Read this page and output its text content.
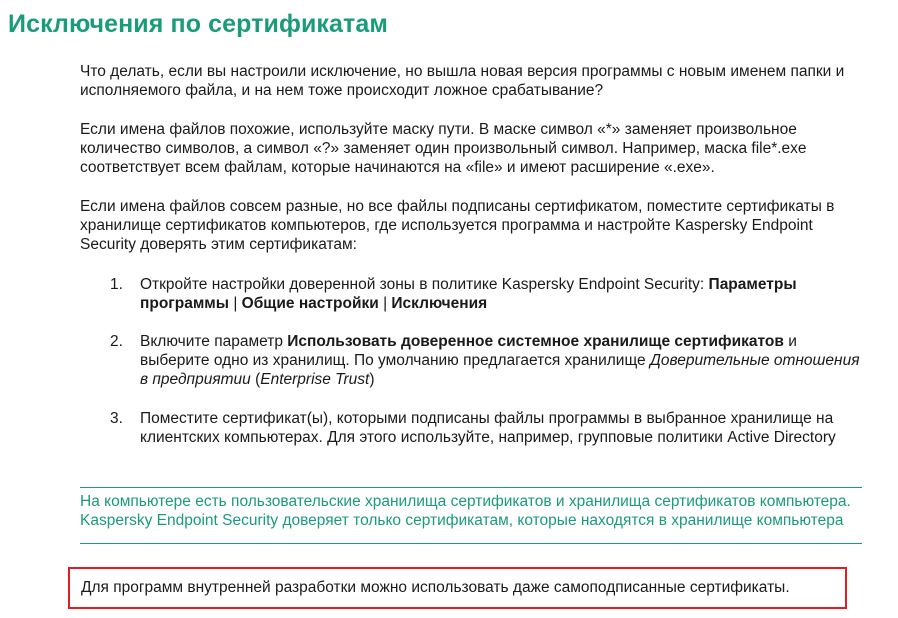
Исключения по сертификатам

Что делать, если вы настроили исключение, но вышла новая версия программы с новым именем папки и исполняемого файла, и на нем тоже происходит ложное срабатывание?

Если имена файлов похожие, используйте маску пути. В маске символ «*» заменяет произвольное количество символов, а символ «?» заменяет один произвольный символ. Например, маска file*.exe соответствует всем файлам, которые начинаются на «file» и имеют расширение «.exe».

Если имена файлов совсем разные, но все файлы подписаны сертификатом, поместите сертификаты в хранилище сертификатов компьютеров, где используется программа и настройте Kaspersky Endpoint Security доверять этим сертификатам:

1. Откройте настройки доверенной зоны в политике Kaspersky Endpoint Security: Параметры программы | Общие настройки | Исключения
2. Включите параметр Использовать доверенное системное хранилище сертификатов и выберите одно из хранилищ. По умолчанию предлагается хранилище Доверительные отношения в предприятии (Enterprise Trust)
3. Поместите сертификат(ы), которыми подписаны файлы программы в выбранное хранилище на клиентских компьютерах. Для этого используйте, например, групповые политики Active Directory

На компьютере есть пользовательские хранилища сертификатов и хранилища сертификатов компьютера. Kaspersky Endpoint Security доверяет только сертификатам, которые находятся в хранилище компьютера

Для программ внутренней разработки можно использовать даже самоподписанные сертификаты.
